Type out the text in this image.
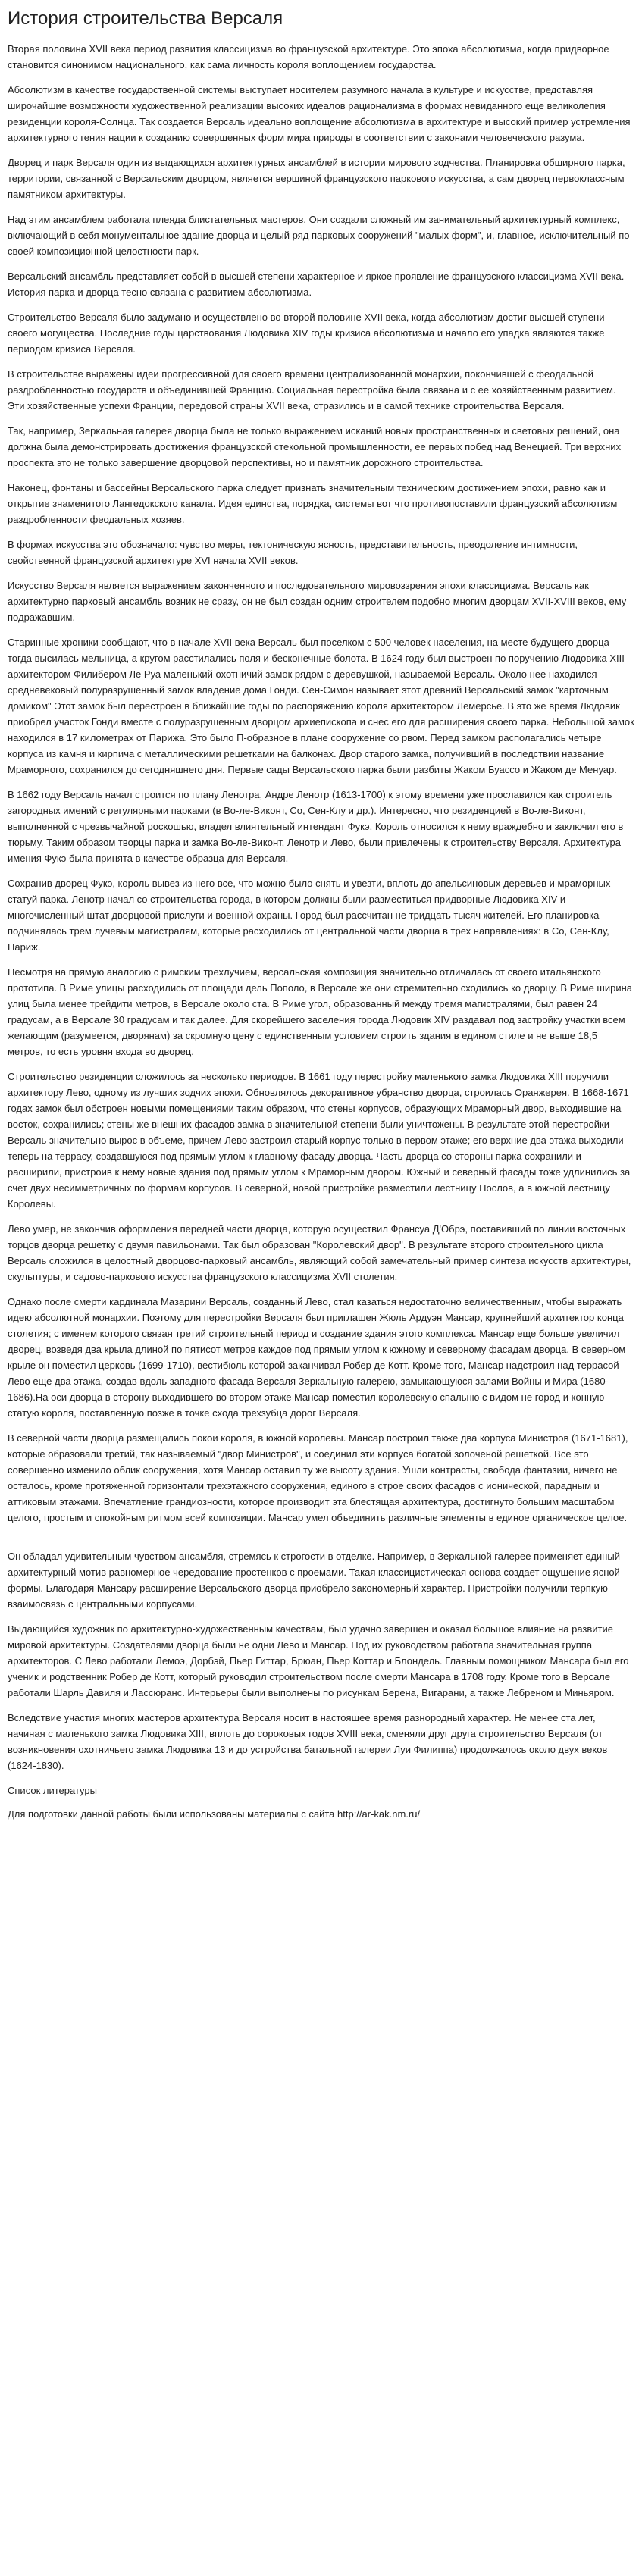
История строительства Версаля

Вторая половина XVII века период развития классицизма во французской архитектуре. Это эпоха абсолютизма, когда придворное становится синонимом национального, как сама личность короля воплощением государства.

Абсолютизм в качестве государственной системы выступает носителем разумного начала в культуре и искусстве, представляя широчайшие возможности художественной реализации высоких идеалов рационализма в формах невиданного еще великолепия резиденции короля-Солнца. Так создается Версаль идеально воплощение абсолютизма в архитектуре и высокий пример устремления архитектурного гения нации к созданию совершенных форм мира природы в соответствии с законами человеческого разума.

Дворец и парк Версаля один из выдающихся архитектурных ансамблей в истории мирового зодчества. Планировка обширного парка, территории, связанной с Версальским дворцом, является вершиной французского паркового искусства, а сам дворец первоклассным памятником архитектуры.

Над этим ансамблем работала плеяда блистательных мастеров. Они создали сложный им занимательный архитектурный комплекс, включающий в себя монументальное здание дворца и целый ряд парковых сооружений "малых форм", и, главное, исключительный по своей композиционной целостности парк.

Версальский ансамбль представляет собой в высшей степени характерное и яркое проявление французского классицизма XVII века. История парка и дворца тесно связана с развитием абсолютизма.

Строительство Версаля было задумано и осуществлено во второй половине XVII века, когда абсолютизм достиг высшей ступени своего могущества. Последние годы царствования Людовика XIV годы кризиса абсолютизма и начало его упадка являются также периодом кризиса Версаля.

В строительстве выражены идеи прогрессивной для своего времени централизованной монархии, покончившей с феодальной раздробленностью государств и объединившей Францию. Социальная перестройка была связана и с ее хозяйственным развитием. Эти хозяйственные успехи Франции, передовой страны XVII века, отразились и в самой технике строительства Версаля.

Так, например, Зеркальная галерея дворца была не только выражением исканий новых пространственных и световых решений, она должна была демонстрировать достижения французской стекольной промышленности, ее первых побед над Венецией. Три верхних проспекта это не только завершение дворцовой перспективы, но и памятник дорожного строительства.

Наконец, фонтаны и бассейны Версальского парка следует признать значительным техническим достижением эпохи, равно как и открытие знаменитого Лангедокского канала. Идея единства, порядка, системы вот что противопоставили французский абсолютизм раздробленности феодальных хозяев.

В формах искусства это обозначало: чувство меры, тектоническую ясность, представительность, преодоление интимности, свойственной французской архитектуре XVI начала XVII веков.

Искусство Версаля является выражением законченного и последовательного мировоззрения эпохи классицизма. Версаль как архитектурно парковый ансамбль возник не сразу, он не был создан одним строителем подобно многим дворцам XVII-XVIII веков, ему подражавшим.

Старинные хроники сообщают, что в начале XVII века Версаль был поселком с 500 человек населения, на месте будущего дворца тогда высилась мельница, а кругом расстилались поля и бесконечные болота. В 1624 году был выстроен по поручению Людовика XIII архитектором Филибером Ле Руа маленький охотничий замок рядом с деревушкой, называемой Версаль. Около нее находился средневековый полуразрушенный замок владение дома Гонди. Сен-Симон называет этот древний Версальский замок "карточным домиком" Этот замок был перестроен в ближайшие годы по распоряжению короля архитектором Лемерсье. В это же время Людовик приобрел участок Гонди вместе с полуразрушенным дворцом архиепископа и снес его для расширения своего парка. Небольшой замок находился в 17 километрах от Парижа. Это было П-образное в плане сооружение со рвом. Перед замком располагались четыре корпуса из камня и кирпича с металлическими решетками на балконах. Двор старого замка, получивший в последствии название Мраморного, сохранился до сегодняшнего дня. Первые сады Версальского парка были разбиты Жаком Буассо и Жаком де Менуар.

В 1662 году Версаль начал строится по плану Ленотра, Андре Ленотр (1613-1700) к этому времени уже прославился как строитель загородных имений с регулярными парками (в Во-ле-Виконт, Со, Сен-Клу и др.). Интересно, что резиденцией в Во-ле-Виконт, выполненной с чрезвычайной роскошью, владел влиятельный интендант Фукэ. Король относился к нему враждебно и заключил его в тюрьму. Таким образом творцы парка и замка Во-ле-Виконт, Ленотр и Лево, были привлечены к строительству Версаля. Архитектура имения Фукэ была принята в качестве образца для Версаля.

Сохранив дворец Фукэ, король вывез из него все, что можно было снять и увезти, вплоть до апельсиновых деревьев и мраморных статуй парка. Ленотр начал со строительства города, в котором должны были разместиться придворные Людовика XIV и многочисленный штат дворцовой прислуги и военной охраны. Город был рассчитан не тридцать тысяч жителей. Его планировка подчинялась трем лучевым магистралям, которые расходились от центральной части дворца в трех направлениях: в Со, Сен-Клу, Париж.

Несмотря на прямую аналогию с римским трехлучием, версальская композиция значительно отличалась от своего итальянского прототипа. В Риме улицы расходились от площади дель Пополо, в Версале же они стремительно сходились ко дворцу. В Риме ширина улиц была менее трейдити метров, в Версале около ста. В Риме угол, образованный между тремя магистралями, был равен 24 градусам, а в Версале 30 градусам и так далее. Для скорейшего заселения города Людовик XIV раздавал под застройку участки всем желающим (разумеется, дворянам) за скромную цену с единственным условием строить здания в едином стиле и не выше 18,5 метров, то есть уровня входа во дворец.

Строительство резиденции сложилось за несколько периодов. В 1661 году перестройку маленького замка Людовика XIII поручили архитектору Лево, одному из лучших зодчих эпохи. Обновлялось декоративное убранство дворца, строилась Оранжерея. В 1668-1671 годах замок был обстроен новыми помещениями таким образом, что стены корпусов, образующих Мраморный двор, выходившие на восток, сохранились; стены же внешних фасадов замка в значительной степени были уничтожены. В результате этой перестройки Версаль значительно вырос в объеме, причем Лево застроил старый корпус только в первом этаже; его верхние два этажа выходили теперь на террасу, создавшуюся под прямым углом к главному фасаду дворца. Часть дворца со стороны парка сохранили и расширили, пристроив к нему новые здания под прямым углом к Мраморным двором. Южный и северный фасады тоже удлинились за счет двух несимметричных по формам корпусов. В северной, новой пристройке разместили лестницу Послов, а в южной лестницу Королевы.

Лево умер, не закончив оформления передней части дворца, которую осуществил Франсуа Д'Обрэ, поставивший по линии восточных торцов дворца решетку с двумя павильонами. Так был образован "Королевский двор". В результате второго строительного цикла Версаль сложился в целостный дворцово-парковый ансамбль, являющий собой замечательный пример синтеза искусств архитектуры, скульптуры, и садово-паркового искусства французского классицизма XVII столетия.

Однако после смерти кардинала Мазарини Версаль, созданный Лево, стал казаться недостаточно величественным, чтобы выражать идею абсолютной монархии. Поэтому для перестройки Версаля был приглашен Жюль Ардуэн Мансар, крупнейший архитектор конца столетия; с именем которого связан третий строительный период и создание здания этого комплекса. Мансар еще больше увеличил дворец, возведя два крыла длиной по пятисот метров каждое под прямым углом к южному и северному фасадам дворца. В северном крыле он поместил церковь (1699-1710), вестибюль которой заканчивал Робер де Котт. Кроме того, Мансар надстроил над террасой Лево еще два этажа, создав вдоль западного фасада Версаля Зеркальную галерею, замыкающуюся залами Войны и Мира (1680-1686).На оси дворца в сторону выходившего во втором этаже Мансар поместил королевскую спальню с видом не город и конную статую короля, поставленную позже в точке схода трехзубца дорог Версаля.

В северной части дворца размещались покои короля, в южной королевы. Мансар построил также два корпуса Министров (1671-1681), которые образовали третий, так называемый "двор Министров", и соединил эти корпуса богатой золоченой решеткой. Все это совершенно изменило облик сооружения, хотя Мансар оставил ту же высоту здания. Ушли контрасты, свобода фантазии, ничего не осталось, кроме протяженной горизонтали трехэтажного сооружения, единого в строе своих фасадов с ионической, парадным и аттиковым этажами. Впечатление грандиозности, которое производит эта блестящая архитектура, достигнуто большим масштабом целого, простым и спокойным ритмом всей композиции. Мансар умел объединить различные элементы в единое органическое целое.

Он обладал удивительным чувством ансамбля, стремясь к строгости в отделке. Например, в Зеркальной галерее применяет единый архитектурный мотив равномерное чередование простенков с проемами. Такая классицистическая основа создает ощущение ясной формы. Благодаря Мансару расширение Версальского дворца приобрело закономерный характер. Пристройки получили терпкую взаимосвязь с центральными корпусами.

Выдающийся художник по архитектурно-художественным качествам, был удачно завершен и оказал большое влияние на развитие мировой архитектуры. Создателями дворца были не одни Лево и Мансар. Под их руководством работала значительная группа архитекторов. С Лево работали Лемоэ, Дорбэй, Пьер Гиттар, Брюан, Пьер Коттар и Блондель. Главным помощником Мансара был его ученик и родственник Робер де Котт, который руководил строительством после смерти Мансара в 1708 году. Кроме того в Версале работали Шарль Давиля и Лассюранс. Интерьеры были выполнены по рисункам Берена, Вигарани, а также Лебреном и Миньяром.

Вследствие участия многих мастеров архитектура Версаля носит в настоящее время разнородный характер. Не менее ста лет, начиная с маленького замка Людовика XIII, вплоть до сороковых годов XVIII века, сменяли друг друга строительство Версаля (от возникновения охотничьего замка Людовика 13 и до устройства батальной галереи Луи Филиппа) продолжалось около двух веков (1624-1830).

Список литературы

Для подготовки данной работы были использованы материалы с сайта http://ar-kak.nm.ru/
